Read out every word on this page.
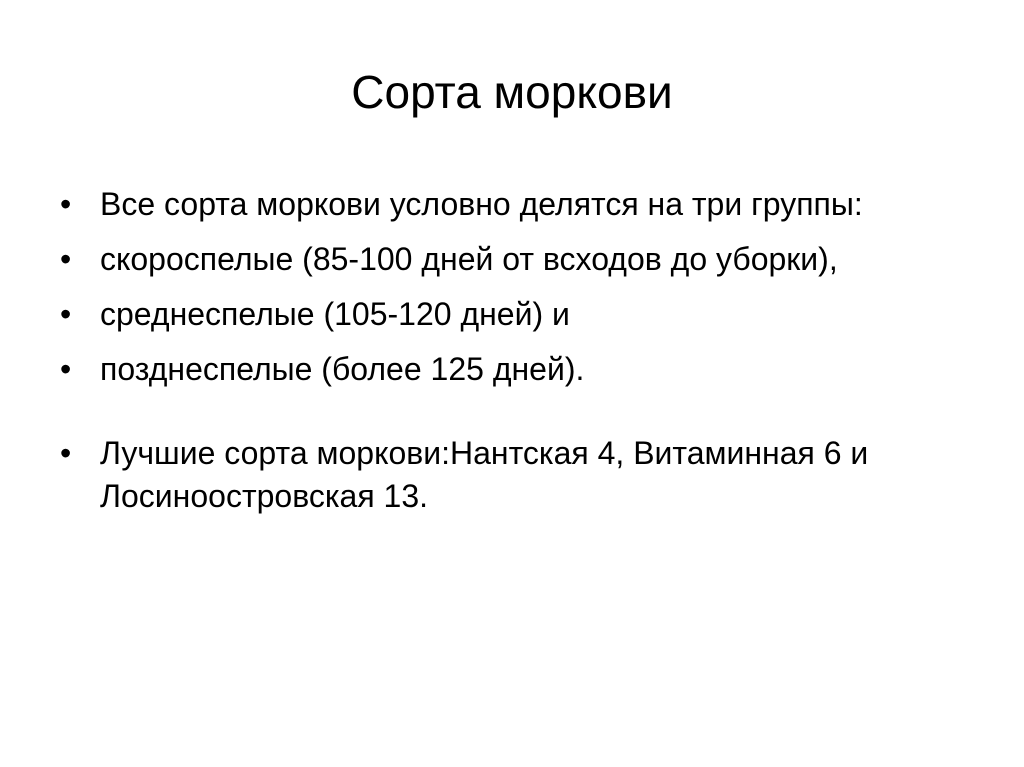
Сорта моркови
• Все сорта моркови условно делятся на три группы:
• скороспелые (85-100 дней от всходов до уборки),
• среднеспелые (105-120 дней) и
• позднеспелые (более 125 дней).
• Лучшие сорта моркови:Нантская 4, Витаминная 6 и Лосиноостровская 13.
